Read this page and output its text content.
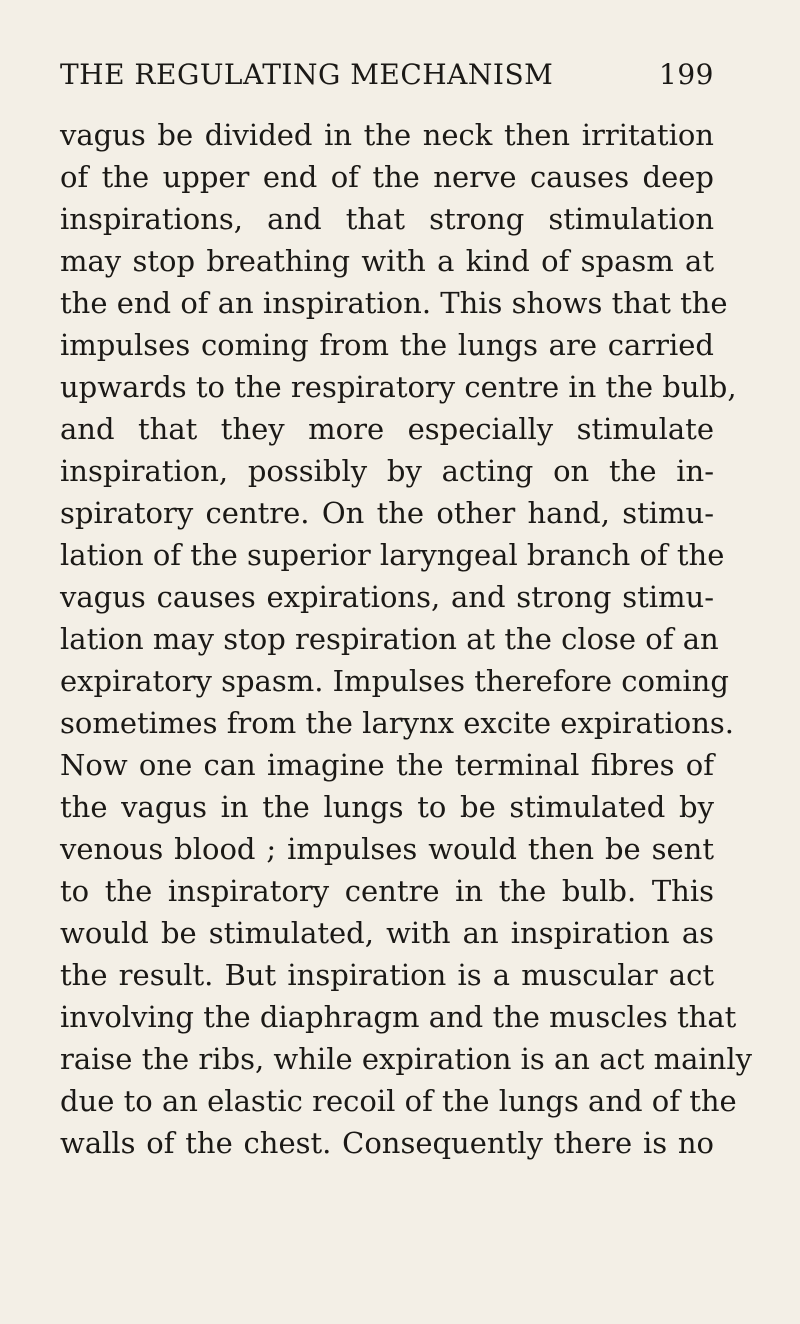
THE REGULATING MECHANISM	199
vagus be divided in the neck then irritation
of the upper end of the nerve causes deep
inspirations, and that strong stimulation
may stop breathing with a kind of spasm at
the end of an inspiration. This shows that the
impulses coming from the lungs are carried
upwards to the respiratory centre in the bulb,
and that they more especially stimulate
inspiration, possibly by acting on the in-
spiratory centre. On the other hand, stimu-
lation of the superior laryngeal branch of the
vagus causes expirations, and strong stimu-
lation may stop respiration at the close of an
expiratory spasm. Impulses therefore coming
sometimes from the larynx excite expirations.
Now one can imagine the terminal fibres of
the vagus in the lungs to be stimulated by
venous blood ; impulses would then be sent
to the inspiratory centre in the bulb. This
would be stimulated, with an inspiration as
the result. But inspiration is a muscular act
involving the diaphragm and the muscles that
raise the ribs, while expiration is an act mainly
due to an elastic recoil of the lungs and of the
walls of the chest. Consequently there is no
